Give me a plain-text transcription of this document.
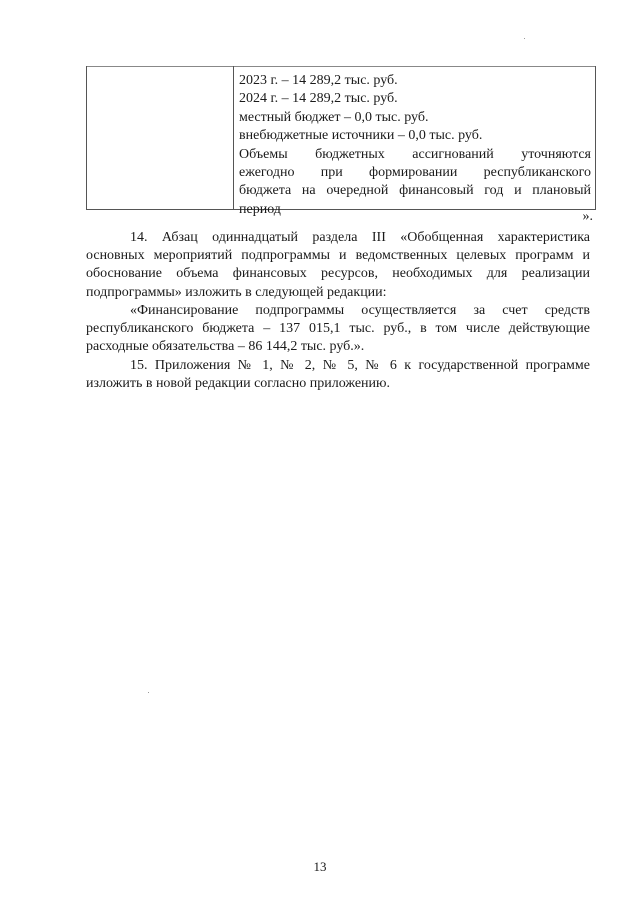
2023 г. – 14 289,2 тыс. руб.
2024 г. – 14 289,2 тыс. руб.
местный бюджет – 0,0 тыс. руб.
внебюджетные источники – 0,0 тыс. руб.
Объемы бюджетных ассигнований уточняются
ежегодно при формировании республиканского
бюджета на очередной финансовый год и плановый
период	».
14. Абзац одиннадцатый раздела III «Обобщенная характеристика
основных мероприятий подпрограммы и ведомственных целевых программ и
обоснование объема финансовых ресурсов, необходимых для реализации
подпрограммы» изложить в следующей редакции:
«Финансирование подпрограммы осуществляется за счет средств
республиканского бюджета – 137 015,1 тыс. руб., в том числе действующие
расходные обязательства – 86 144,2 тыс. руб.».
15. Приложения № 1, № 2, № 5, № 6 к государственной программе
изложить в новой редакции согласно приложению.
13
